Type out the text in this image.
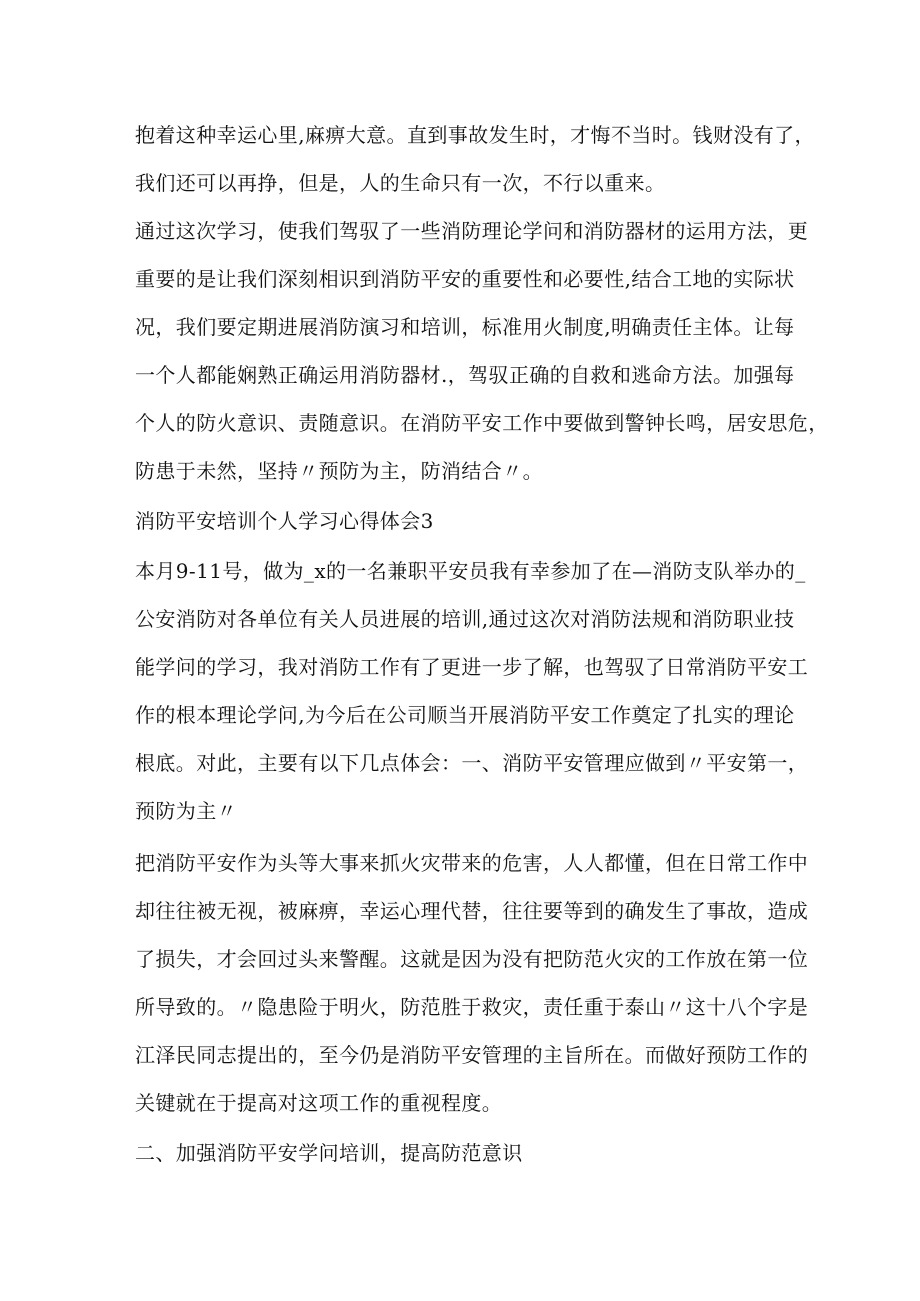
抱着这种幸运心里,麻痹大意。直到事故发生时，才悔不当时。钱财没有了，

我们还可以再挣，但是，人的生命只有一次，不行以重来。

通过这次学习，使我们驾驭了一些消防理论学问和消防器材的运用方法，更

重要的是让我们深刻相识到消防平安的重要性和必要性,结合工地的实际状

况，我们要定期进展消防演习和培训，标准用火制度,明确责任主体。让每

一个人都能娴熟正确运用消防器材.，驾驭正确的自救和逃命方法。加强每

个人的防火意识、责随意识。在消防平安工作中要做到警钟长鸣，居安思危，

防患于未然，坚持〃预防为主，防消结合〃。

消防平安培训个人学习心得体会3

本月9-11号，做为_x的一名兼职平安员我有幸参加了在—消防支队举办的_

公安消防对各单位有关人员进展的培训,通过这次对消防法规和消防职业技

能学问的学习，我对消防工作有了更进一步了解，也驾驭了日常消防平安工

作的根本理论学问,为今后在公司顺当开展消防平安工作奠定了扎实的理论

根底。对此，主要有以下几点体会：一、消防平安管理应做到〃平安第一，

预防为主〃

把消防平安作为头等大事来抓火灾带来的危害，人人都懂，但在日常工作中

却往往被无视，被麻痹，幸运心理代替，往往要等到的确发生了事故，造成

了损失，才会回过头来警醒。这就是因为没有把防范火灾的工作放在第一位

所导致的。〃隐患险于明火，防范胜于救灾，责任重于泰山〃这十八个字是

江泽民同志提出的，至今仍是消防平安管理的主旨所在。而做好预防工作的

关键就在于提高对这项工作的重视程度。

二、加强消防平安学问培训，提高防范意识
